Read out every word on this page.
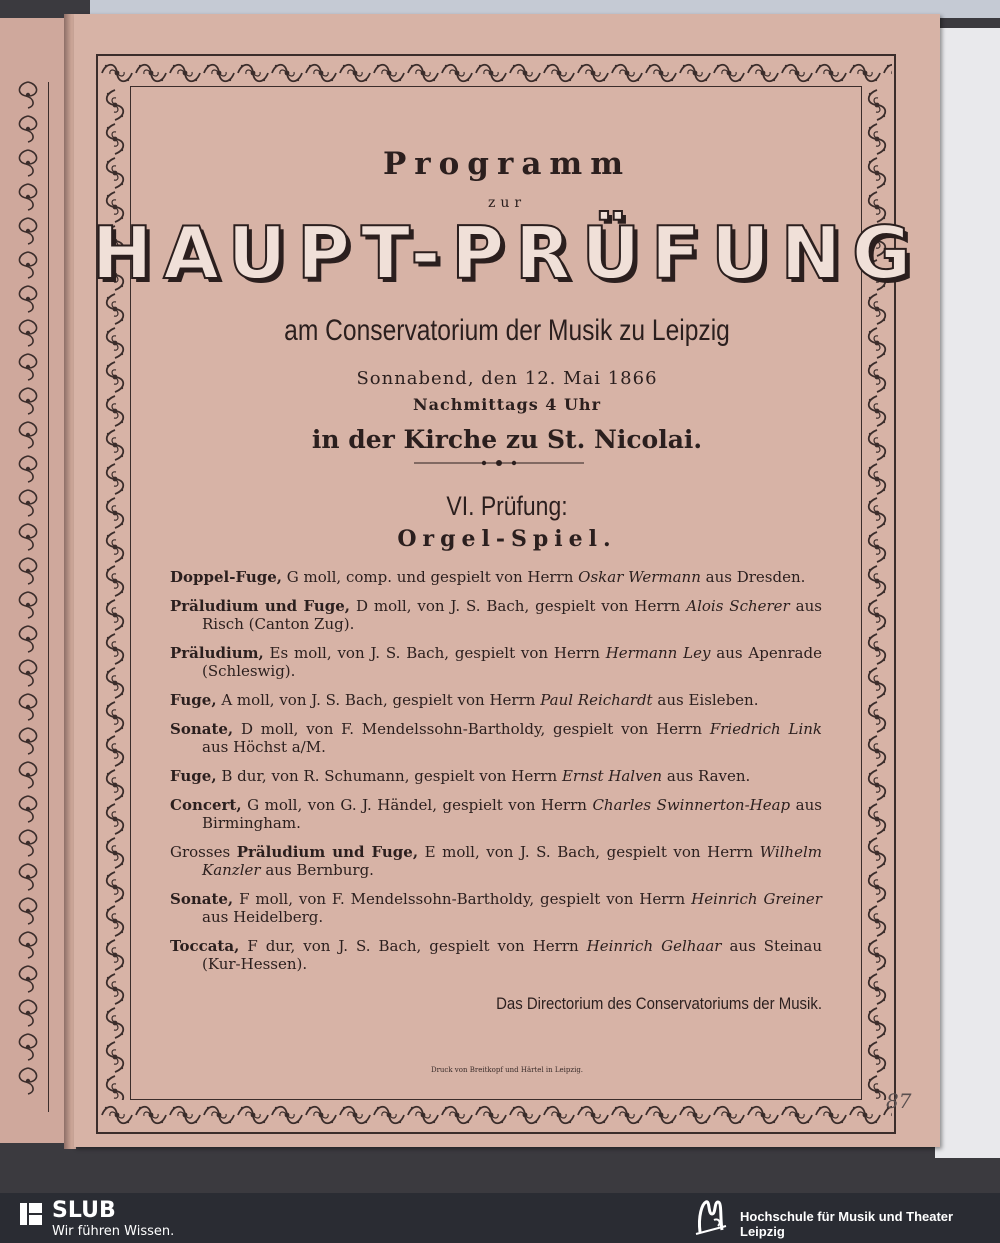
Programm
zur
HAUPT-PRÜFUNG
am Conservatorium der Musik zu Leipzig
Sonnabend, den 12. Mai 1866
Nachmittags 4 Uhr
in der Kirche zu St. Nicolai.
VI. Prüfung:
Orgel-Spiel.
Doppel-Fuge, G moll, comp. und gespielt von Herrn Oskar Wermann aus Dresden.
Präludium und Fuge, D moll, von J. S. Bach, gespielt von Herrn Alois Scherer aus Risch (Canton Zug).
Präludium, Es moll, von J. S. Bach, gespielt von Herrn Hermann Ley aus Apenrade (Schleswig).
Fuge, A moll, von J. S. Bach, gespielt von Herrn Paul Reichardt aus Eisleben.
Sonate, D moll, von F. Mendelssohn-Bartholdy, gespielt von Herrn Friedrich Link aus Höchst a/M.
Fuge, B dur, von R. Schumann, gespielt von Herrn Ernst Halven aus Raven.
Concert, G moll, von G. J. Händel, gespielt von Herrn Charles Swinnerton-Heap aus Birmingham.
Grosses Präludium und Fuge, E moll, von J. S. Bach, gespielt von Herrn Wilhelm Kanzler aus Bernburg.
Sonate, F moll, von F. Mendelssohn-Bartholdy, gespielt von Herrn Heinrich Greiner aus Heidelberg.
Toccata, F dur, von J. S. Bach, gespielt von Herrn Heinrich Gelhaar aus Steinau (Kur-Hessen).
Das Directorium des Conservatoriums der Musik.
Druck von Breitkopf und Härtel in Leipzig.
87
SLUB
Wir führen Wissen.
Hochschule für Musik und Theater Leipzig
